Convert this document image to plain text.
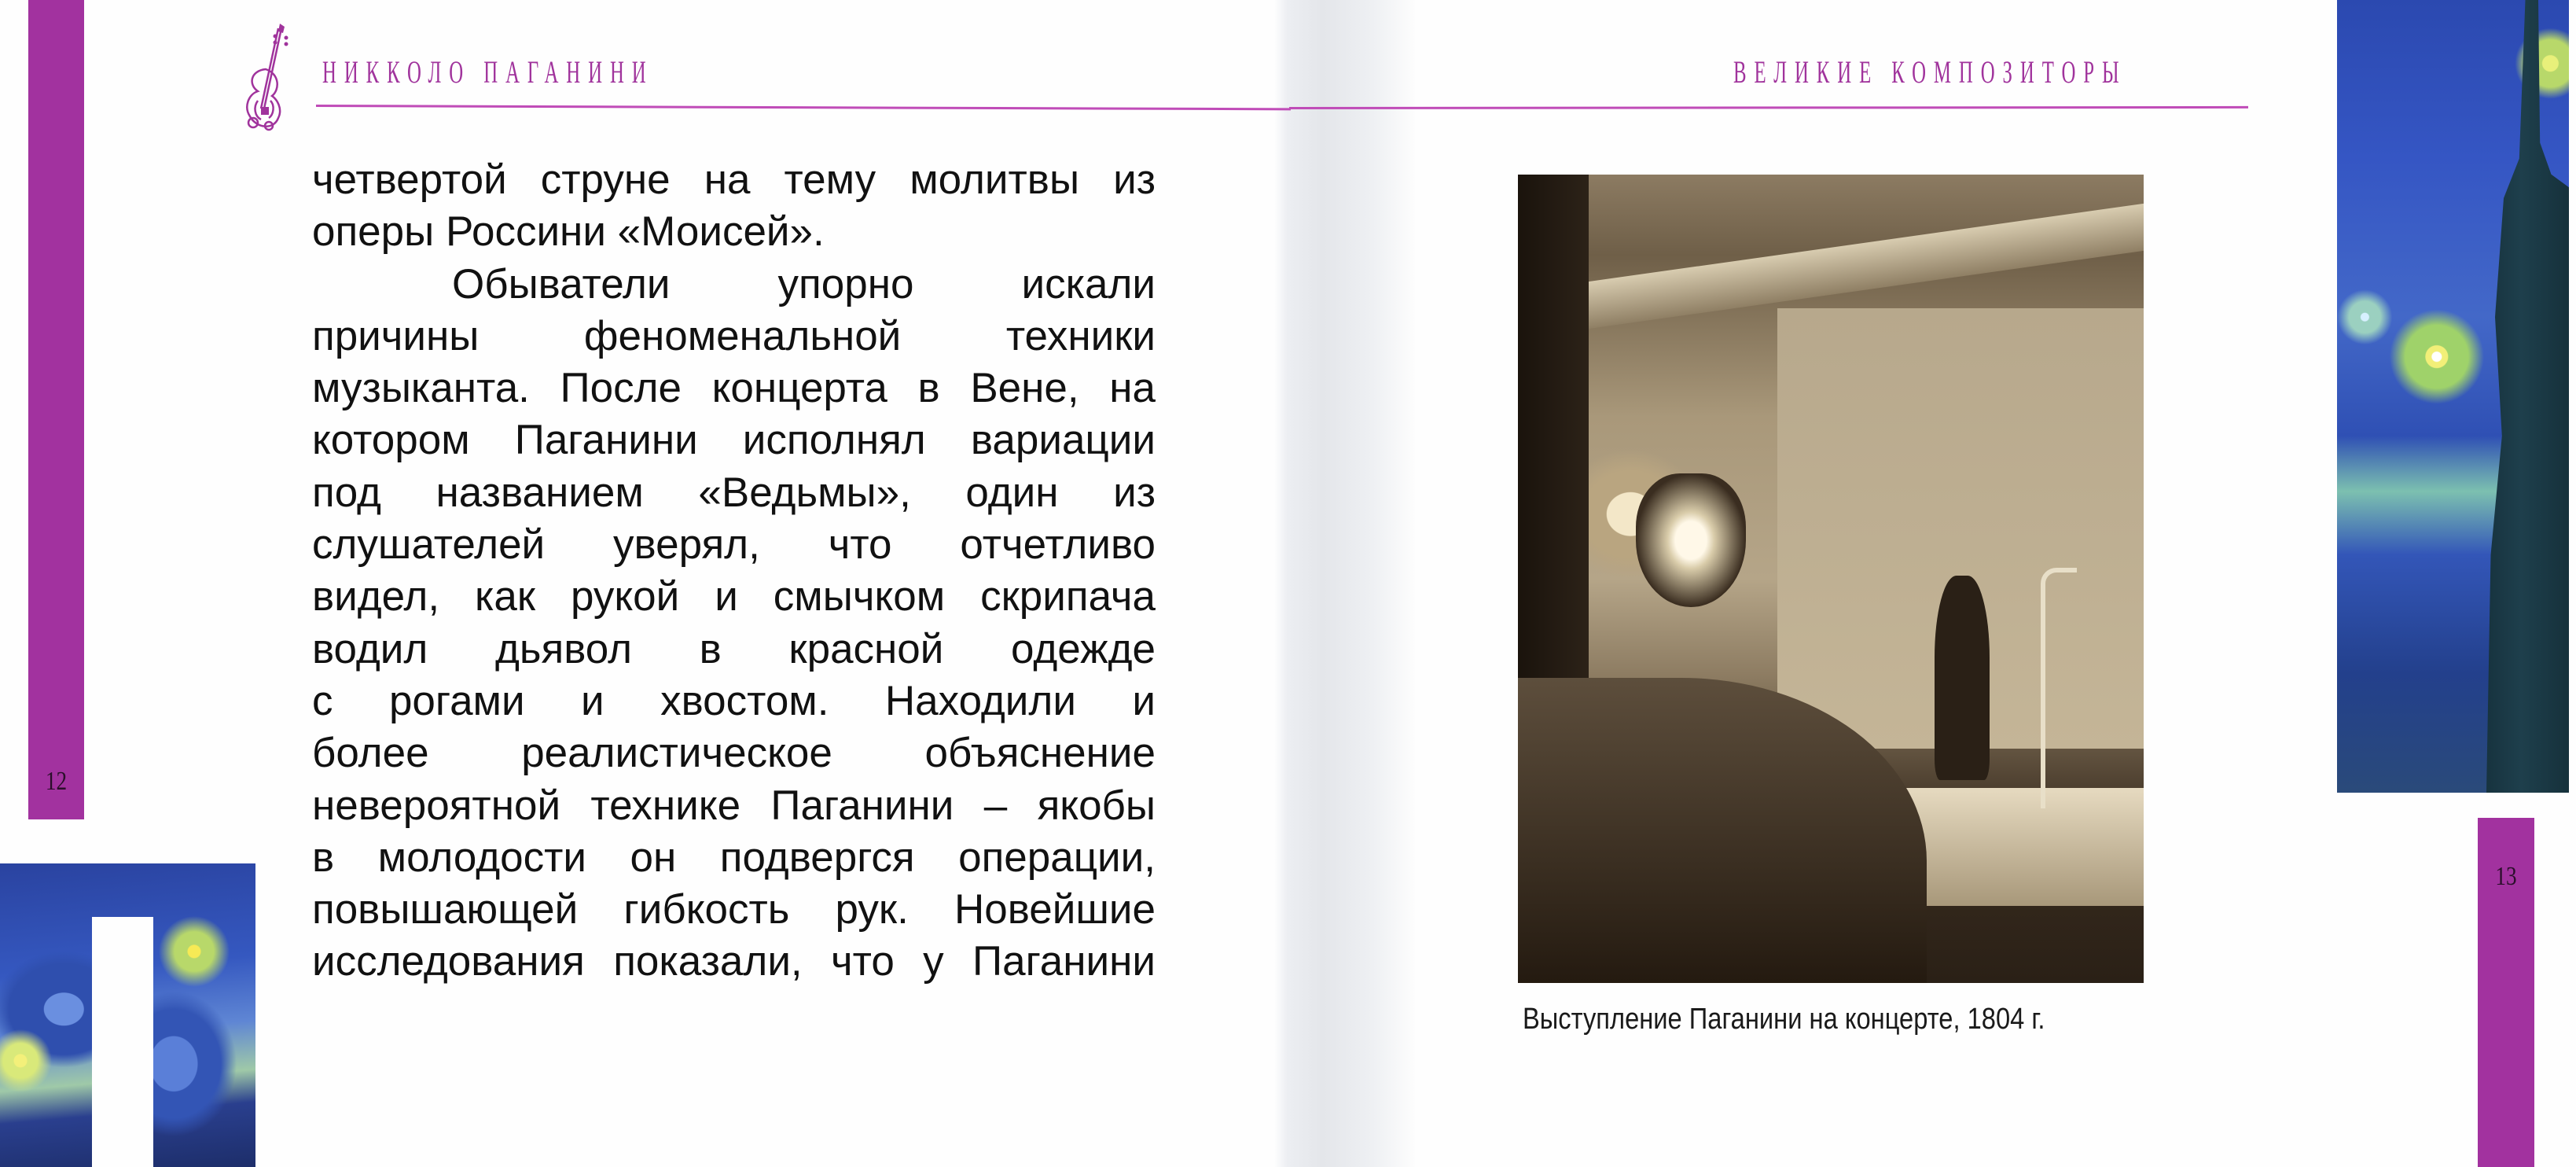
12
НИККОЛО ПАГАНИНИ
четвертой струне на тему молитвы из
оперы Россини «Моисей».
Обыватели упорно искали
причины феноменальной техники
музыканта. После концерта в Вене, на
котором Паганини исполнял вариации
под названием «Ведьмы», один из
слушателей уверял, что отчетливо
видел, как рукой и смычком скрипача
водил дьявол в красной одежде
с рогами и хвостом. Находили и
более реалистическое объяснение
невероятной технике Паганини – якобы
в молодости он подвергся операции,
повышающей гибкость рук. Новейшие
исследования показали, что у Паганини
ВЕЛИКИЕ КОМПОЗИТОРЫ
Выступление Паганини на концерте, 1804 г.
13
